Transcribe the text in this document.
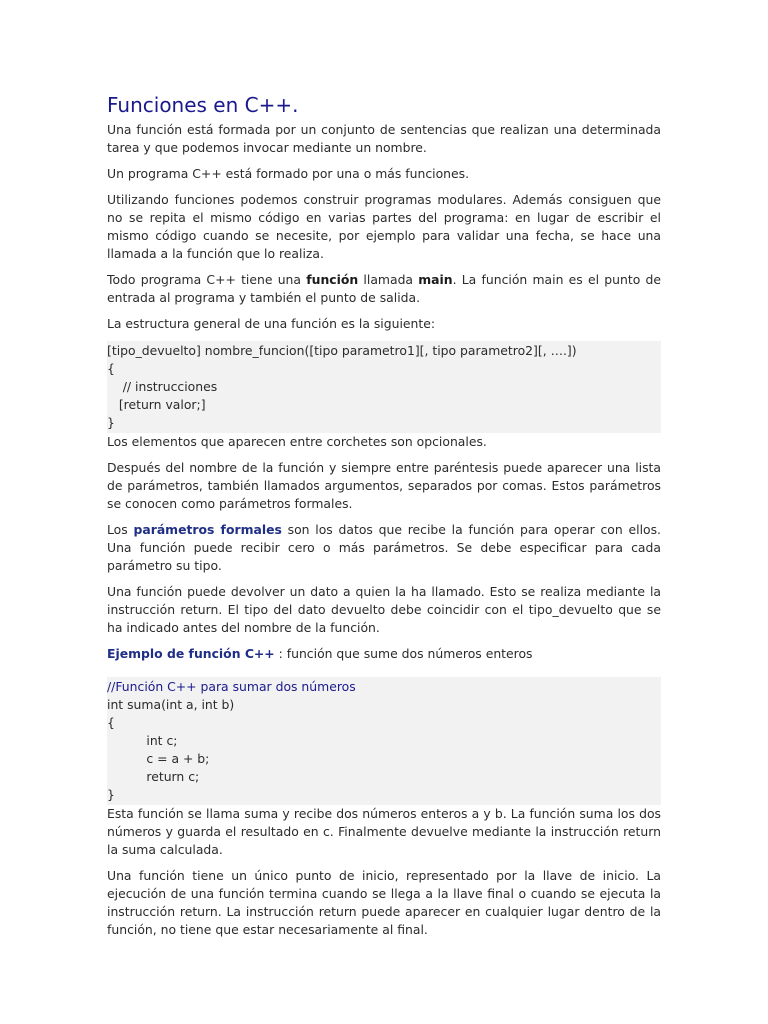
Funciones en C++.

Una función está formada por un conjunto de sentencias que realizan una determinada tarea y que podemos invocar mediante un nombre.

Un programa C++ está formado por una o más funciones.

Utilizando funciones podemos construir programas modulares. Además consiguen que no se repita el mismo código en varias partes del programa: en lugar de escribir el mismo código cuando se necesite, por ejemplo para validar una fecha, se hace una llamada a la función que lo realiza.

Todo programa C++ tiene una función llamada main. La función main es el punto de entrada al programa y también el punto de salida.

La estructura general de una función es la siguiente:

[tipo_devuelto] nombre_funcion([tipo parametro1][, tipo parametro2][, ….])
{
// instrucciones
[return valor;]
}

Los elementos que aparecen entre corchetes son opcionales.

Después del nombre de la función y siempre entre paréntesis puede aparecer una lista de parámetros, también llamados argumentos, separados por comas. Estos parámetros se conocen como parámetros formales.

Los parámetros formales son los datos que recibe la función para operar con ellos. Una función puede recibir cero o más parámetros. Se debe especificar para cada parámetro su tipo.

Una función puede devolver un dato a quien la ha llamado. Esto se realiza mediante la instrucción return. El tipo del dato devuelto debe coincidir con el tipo_devuelto que se ha indicado antes del nombre de la función.

Ejemplo de función C++ : función que sume dos números enteros

//Función C++ para sumar dos números
int suma(int a, int b)
{
int c;
c = a + b;
return c;
}

Esta función se llama suma y recibe dos números enteros a y b. La función suma los dos números y guarda el resultado en c. Finalmente devuelve mediante la instrucción return la suma calculada.

Una función tiene un único punto de inicio, representado por la llave de inicio. La ejecución de una función termina cuando se llega a la llave final o cuando se ejecuta la instrucción return. La instrucción return puede aparecer en cualquier lugar dentro de la función, no tiene que estar necesariamente al final.
